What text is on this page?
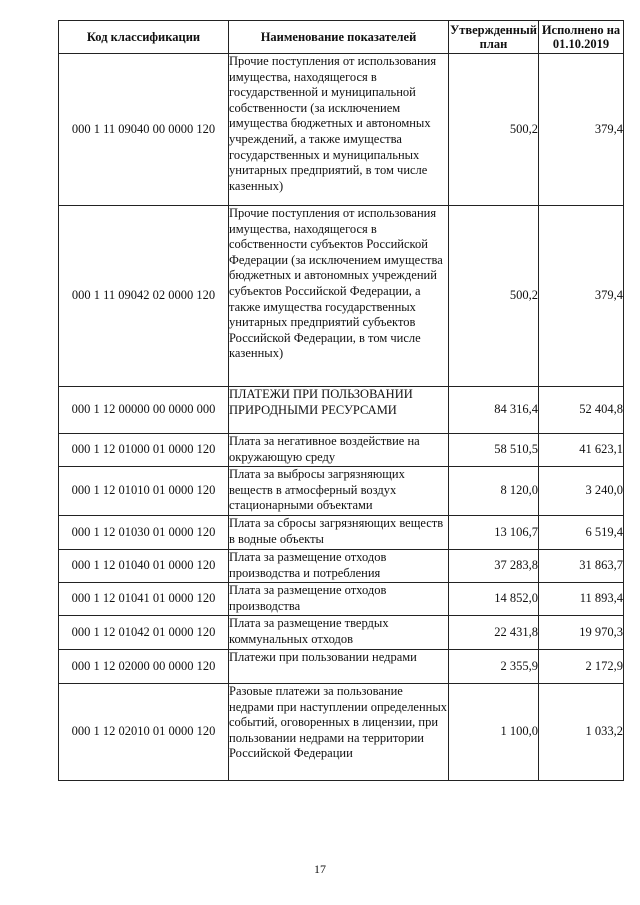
Код классификации	Наименование показателей	Утвержденный план	Исполнено на 01.10.2019
000 1 11 09040 00 0000 120	Прочие поступления от использования имущества, находящегося в государственной и муниципальной собственности (за исключением имущества бюджетных и автономных учреждений, а также имущества государственных и муниципальных унитарных предприятий, в том числе казенных)	500,2	379,4
000 1 11 09042 02 0000 120	Прочие поступления от использования имущества, находящегося в собственности субъектов Российской Федерации (за исключением имущества бюджетных и автономных учреждений субъектов Российской Федерации, а также имущества государственных унитарных предприятий субъектов Российской Федерации, в том числе казенных)	500,2	379,4
000 1 12 00000 00 0000 000	ПЛАТЕЖИ ПРИ ПОЛЬЗОВАНИИ ПРИРОДНЫМИ РЕСУРСАМИ	84 316,4	52 404,8
000 1 12 01000 01 0000 120	Плата за негативное воздействие на окружающую среду	58 510,5	41 623,1
000 1 12 01010 01 0000 120	Плата за выбросы загрязняющих веществ в атмосферный воздух стационарными объектами	8 120,0	3 240,0
000 1 12 01030 01 0000 120	Плата за сбросы загрязняющих веществ в водные объекты	13 106,7	6 519,4
000 1 12 01040 01 0000 120	Плата за размещение отходов производства и потребления	37 283,8	31 863,7
000 1 12 01041 01 0000 120	Плата за размещение отходов производства	14 852,0	11 893,4
000 1 12 01042 01 0000 120	Плата за размещение твердых коммунальных отходов	22 431,8	19 970,3
000 1 12 02000 00 0000 120	Платежи при пользовании недрами	2 355,9	2 172,9
000 1 12 02010 01 0000 120	Разовые платежи за пользование недрами при наступлении определенных событий, оговоренных в лицензии, при пользовании недрами на территории Российской Федерации	1 100,0	1 033,2
17
